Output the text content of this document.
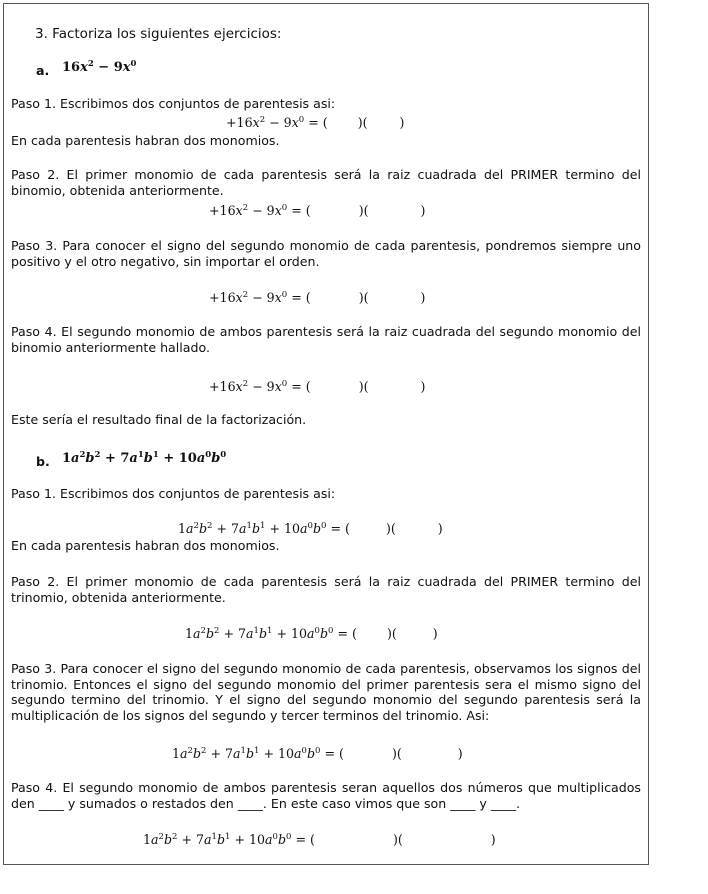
3. Factoriza los siguientes ejercicios:
a. $16x^2 - 9x^0$
Paso 1. Escribimos dos conjuntos de parentesis asi:
$+16x^2 - 9x^0$ = ( )(	)
En cada parentesis habran dos monomios.
Paso 2. El primer monomio de cada parentesis será la raiz cuadrada del PRIMER termino del binomio, obtenida anteriormente.
$+16x^2 - 9x^0$ = (	)(	)
Paso 3. Para conocer el signo del segundo monomio de cada parentesis, pondremos siempre uno positivo y el otro negativo, sin importar el orden.
$+16x^2 - 9x^0$ = (	)(	)
Paso 4. El segundo monomio de ambos parentesis será la raiz cuadrada del segundo monomio del binomio anteriormente hallado.
$+16x^2 - 9x^0$ = (	)(	)
Este sería el resultado final de la factorización.
b. $1a^2b^2 + 7a^1b^1 + 10a^0b^0$
Paso 1. Escribimos dos conjuntos de parentesis asi:
$1a^2b^2 + 7a^1b^1 + 10a^0b^0$ = (	)(	)
En cada parentesis habran dos monomios.
Paso 2. El primer monomio de cada parentesis será la raiz cuadrada del PRIMER termino del trinomio, obtenida anteriormente.
$1a^2b^2 + 7a^1b^1 + 10a^0b^0$ = ( )(	)
Paso 3. Para conocer el signo del segundo monomio de cada parentesis, observamos los signos del trinomio. Entonces el signo del segundo monomio del primer parentesis sera el mismo signo del segundo termino del trinomio. Y el signo del segundo monomio del segundo parentesis será la multiplicación de los signos del segundo y tercer terminos del trinomio. Asi:
$1a^2b^2 + 7a^1b^1 + 10a^0b^0$ = (	)(	)
Paso 4. El segundo monomio de ambos parentesis seran aquellos dos números que multiplicados den ____ y sumados o restados den ____. En este caso vimos que son ____ y ____.
$1a^2b^2 + 7a^1b^1 + 10a^0b^0$ = (	)(	)
